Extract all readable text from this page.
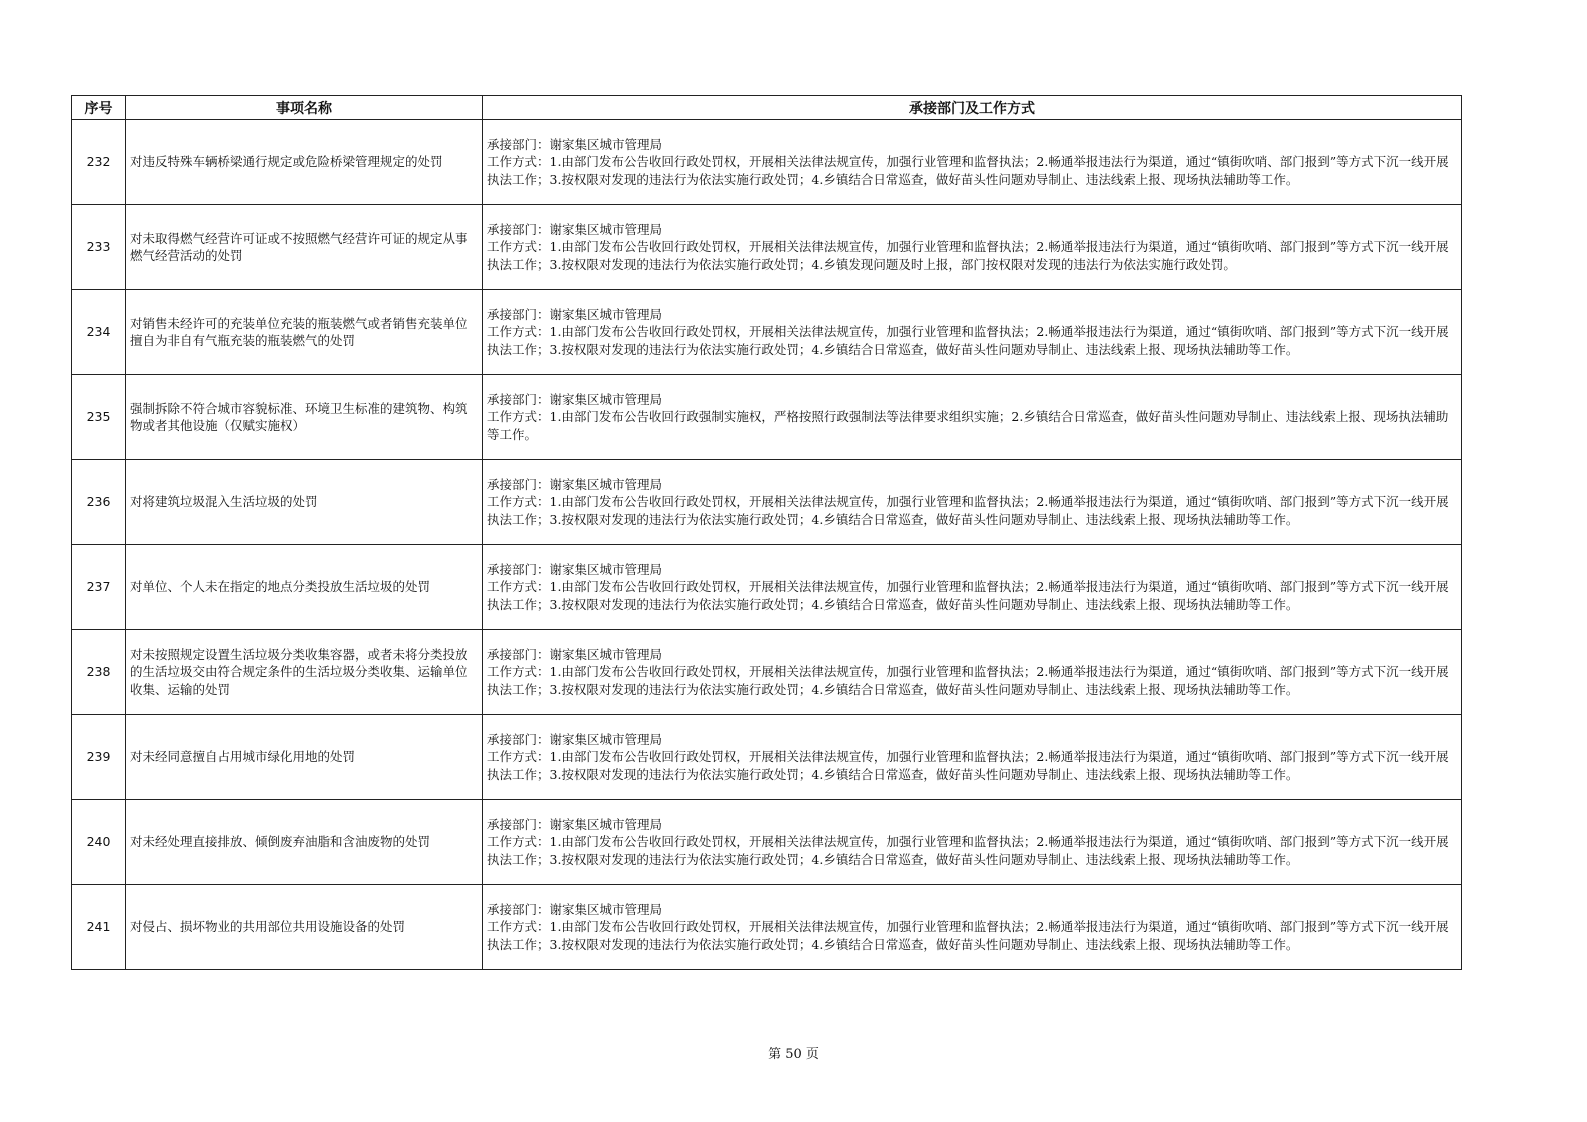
序号	事项名称	承接部门及工作方式
232	对违反特殊车辆桥梁通行规定或危险桥梁管理规定的处罚	承接部门：谢家集区城市管理局
工作方式：1.由部门发布公告收回行政处罚权，开展相关法律法规宣传，加强行业管理和监督执法；2.畅通举报违法行为渠道，通过“镇街吹哨、部门报到”等方式下沉一线开展执法工作；3.按权限对发现的违法行为依法实施行政处罚；4.乡镇结合日常巡查，做好苗头性问题劝导制止、违法线索上报、现场执法辅助等工作。

233	对未取得燃气经营许可证或不按照燃气经营许可证的规定从事燃气经营活动的处罚	承接部门：谢家集区城市管理局
工作方式：1.由部门发布公告收回行政处罚权，开展相关法律法规宣传，加强行业管理和监督执法；2.畅通举报违法行为渠道，通过“镇街吹哨、部门报到”等方式下沉一线开展执法工作；3.按权限对发现的违法行为依法实施行政处罚；4.乡镇发现问题及时上报，部门按权限对发现的违法行为依法实施行政处罚。

234	对销售未经许可的充装单位充装的瓶装燃气或者销售充装单位擅自为非自有气瓶充装的瓶装燃气的处罚	承接部门：谢家集区城市管理局
工作方式：1.由部门发布公告收回行政处罚权，开展相关法律法规宣传，加强行业管理和监督执法；2.畅通举报违法行为渠道，通过“镇街吹哨、部门报到”等方式下沉一线开展执法工作；3.按权限对发现的违法行为依法实施行政处罚；4.乡镇结合日常巡查，做好苗头性问题劝导制止、违法线索上报、现场执法辅助等工作。

235	强制拆除不符合城市容貌标准、环境卫生标准的建筑物、构筑物或者其他设施（仅赋实施权）	承接部门：谢家集区城市管理局
工作方式：1.由部门发布公告收回行政强制实施权，严格按照行政强制法等法律要求组织实施；2.乡镇结合日常巡查，做好苗头性问题劝导制止、违法线索上报、现场执法辅助等工作。

236	对将建筑垃圾混入生活垃圾的处罚	承接部门：谢家集区城市管理局
工作方式：1.由部门发布公告收回行政处罚权，开展相关法律法规宣传，加强行业管理和监督执法；2.畅通举报违法行为渠道，通过“镇街吹哨、部门报到”等方式下沉一线开展执法工作；3.按权限对发现的违法行为依法实施行政处罚；4.乡镇结合日常巡查，做好苗头性问题劝导制止、违法线索上报、现场执法辅助等工作。

237	对单位、个人未在指定的地点分类投放生活垃圾的处罚	承接部门：谢家集区城市管理局
工作方式：1.由部门发布公告收回行政处罚权，开展相关法律法规宣传，加强行业管理和监督执法；2.畅通举报违法行为渠道，通过“镇街吹哨、部门报到”等方式下沉一线开展执法工作；3.按权限对发现的违法行为依法实施行政处罚；4.乡镇结合日常巡查，做好苗头性问题劝导制止、违法线索上报、现场执法辅助等工作。

238	对未按照规定设置生活垃圾分类收集容器，或者未将分类投放的生活垃圾交由符合规定条件的生活垃圾分类收集、运输单位收集、运输的处罚	承接部门：谢家集区城市管理局
工作方式：1.由部门发布公告收回行政处罚权，开展相关法律法规宣传，加强行业管理和监督执法；2.畅通举报违法行为渠道，通过“镇街吹哨、部门报到”等方式下沉一线开展执法工作；3.按权限对发现的违法行为依法实施行政处罚；4.乡镇结合日常巡查，做好苗头性问题劝导制止、违法线索上报、现场执法辅助等工作。

239	对未经同意擅自占用城市绿化用地的处罚	承接部门：谢家集区城市管理局
工作方式：1.由部门发布公告收回行政处罚权，开展相关法律法规宣传，加强行业管理和监督执法；2.畅通举报违法行为渠道，通过“镇街吹哨、部门报到”等方式下沉一线开展执法工作；3.按权限对发现的违法行为依法实施行政处罚；4.乡镇结合日常巡查，做好苗头性问题劝导制止、违法线索上报、现场执法辅助等工作。

240	对未经处理直接排放、倾倒废弃油脂和含油废物的处罚	承接部门：谢家集区城市管理局
工作方式：1.由部门发布公告收回行政处罚权，开展相关法律法规宣传，加强行业管理和监督执法；2.畅通举报违法行为渠道，通过“镇街吹哨、部门报到”等方式下沉一线开展执法工作；3.按权限对发现的违法行为依法实施行政处罚；4.乡镇结合日常巡查，做好苗头性问题劝导制止、违法线索上报、现场执法辅助等工作。

241	对侵占、损坏物业的共用部位共用设施设备的处罚	承接部门：谢家集区城市管理局
工作方式：1.由部门发布公告收回行政处罚权，开展相关法律法规宣传，加强行业管理和监督执法；2.畅通举报违法行为渠道，通过“镇街吹哨、部门报到”等方式下沉一线开展执法工作；3.按权限对发现的违法行为依法实施行政处罚；4.乡镇结合日常巡查，做好苗头性问题劝导制止、违法线索上报、现场执法辅助等工作。
第 50 页
